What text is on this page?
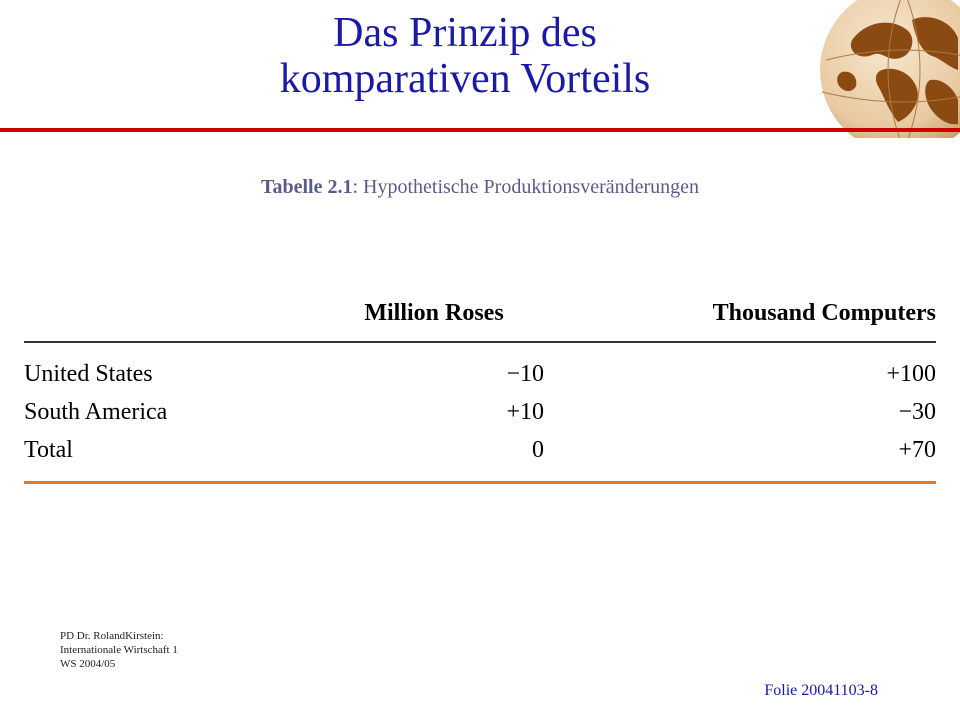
Das Prinzip des
komparativen Vorteils
Tabelle 2.1: Hypothetische Produktionsveränderungen
	Million Roses	Thousand Computers
United States	−10	+100
South America	+10	−30
Total	0	+70
PD Dr. RolandKirstein:
Internationale Wirtschaft 1
WS 2004/05
Folie 20041103-8
